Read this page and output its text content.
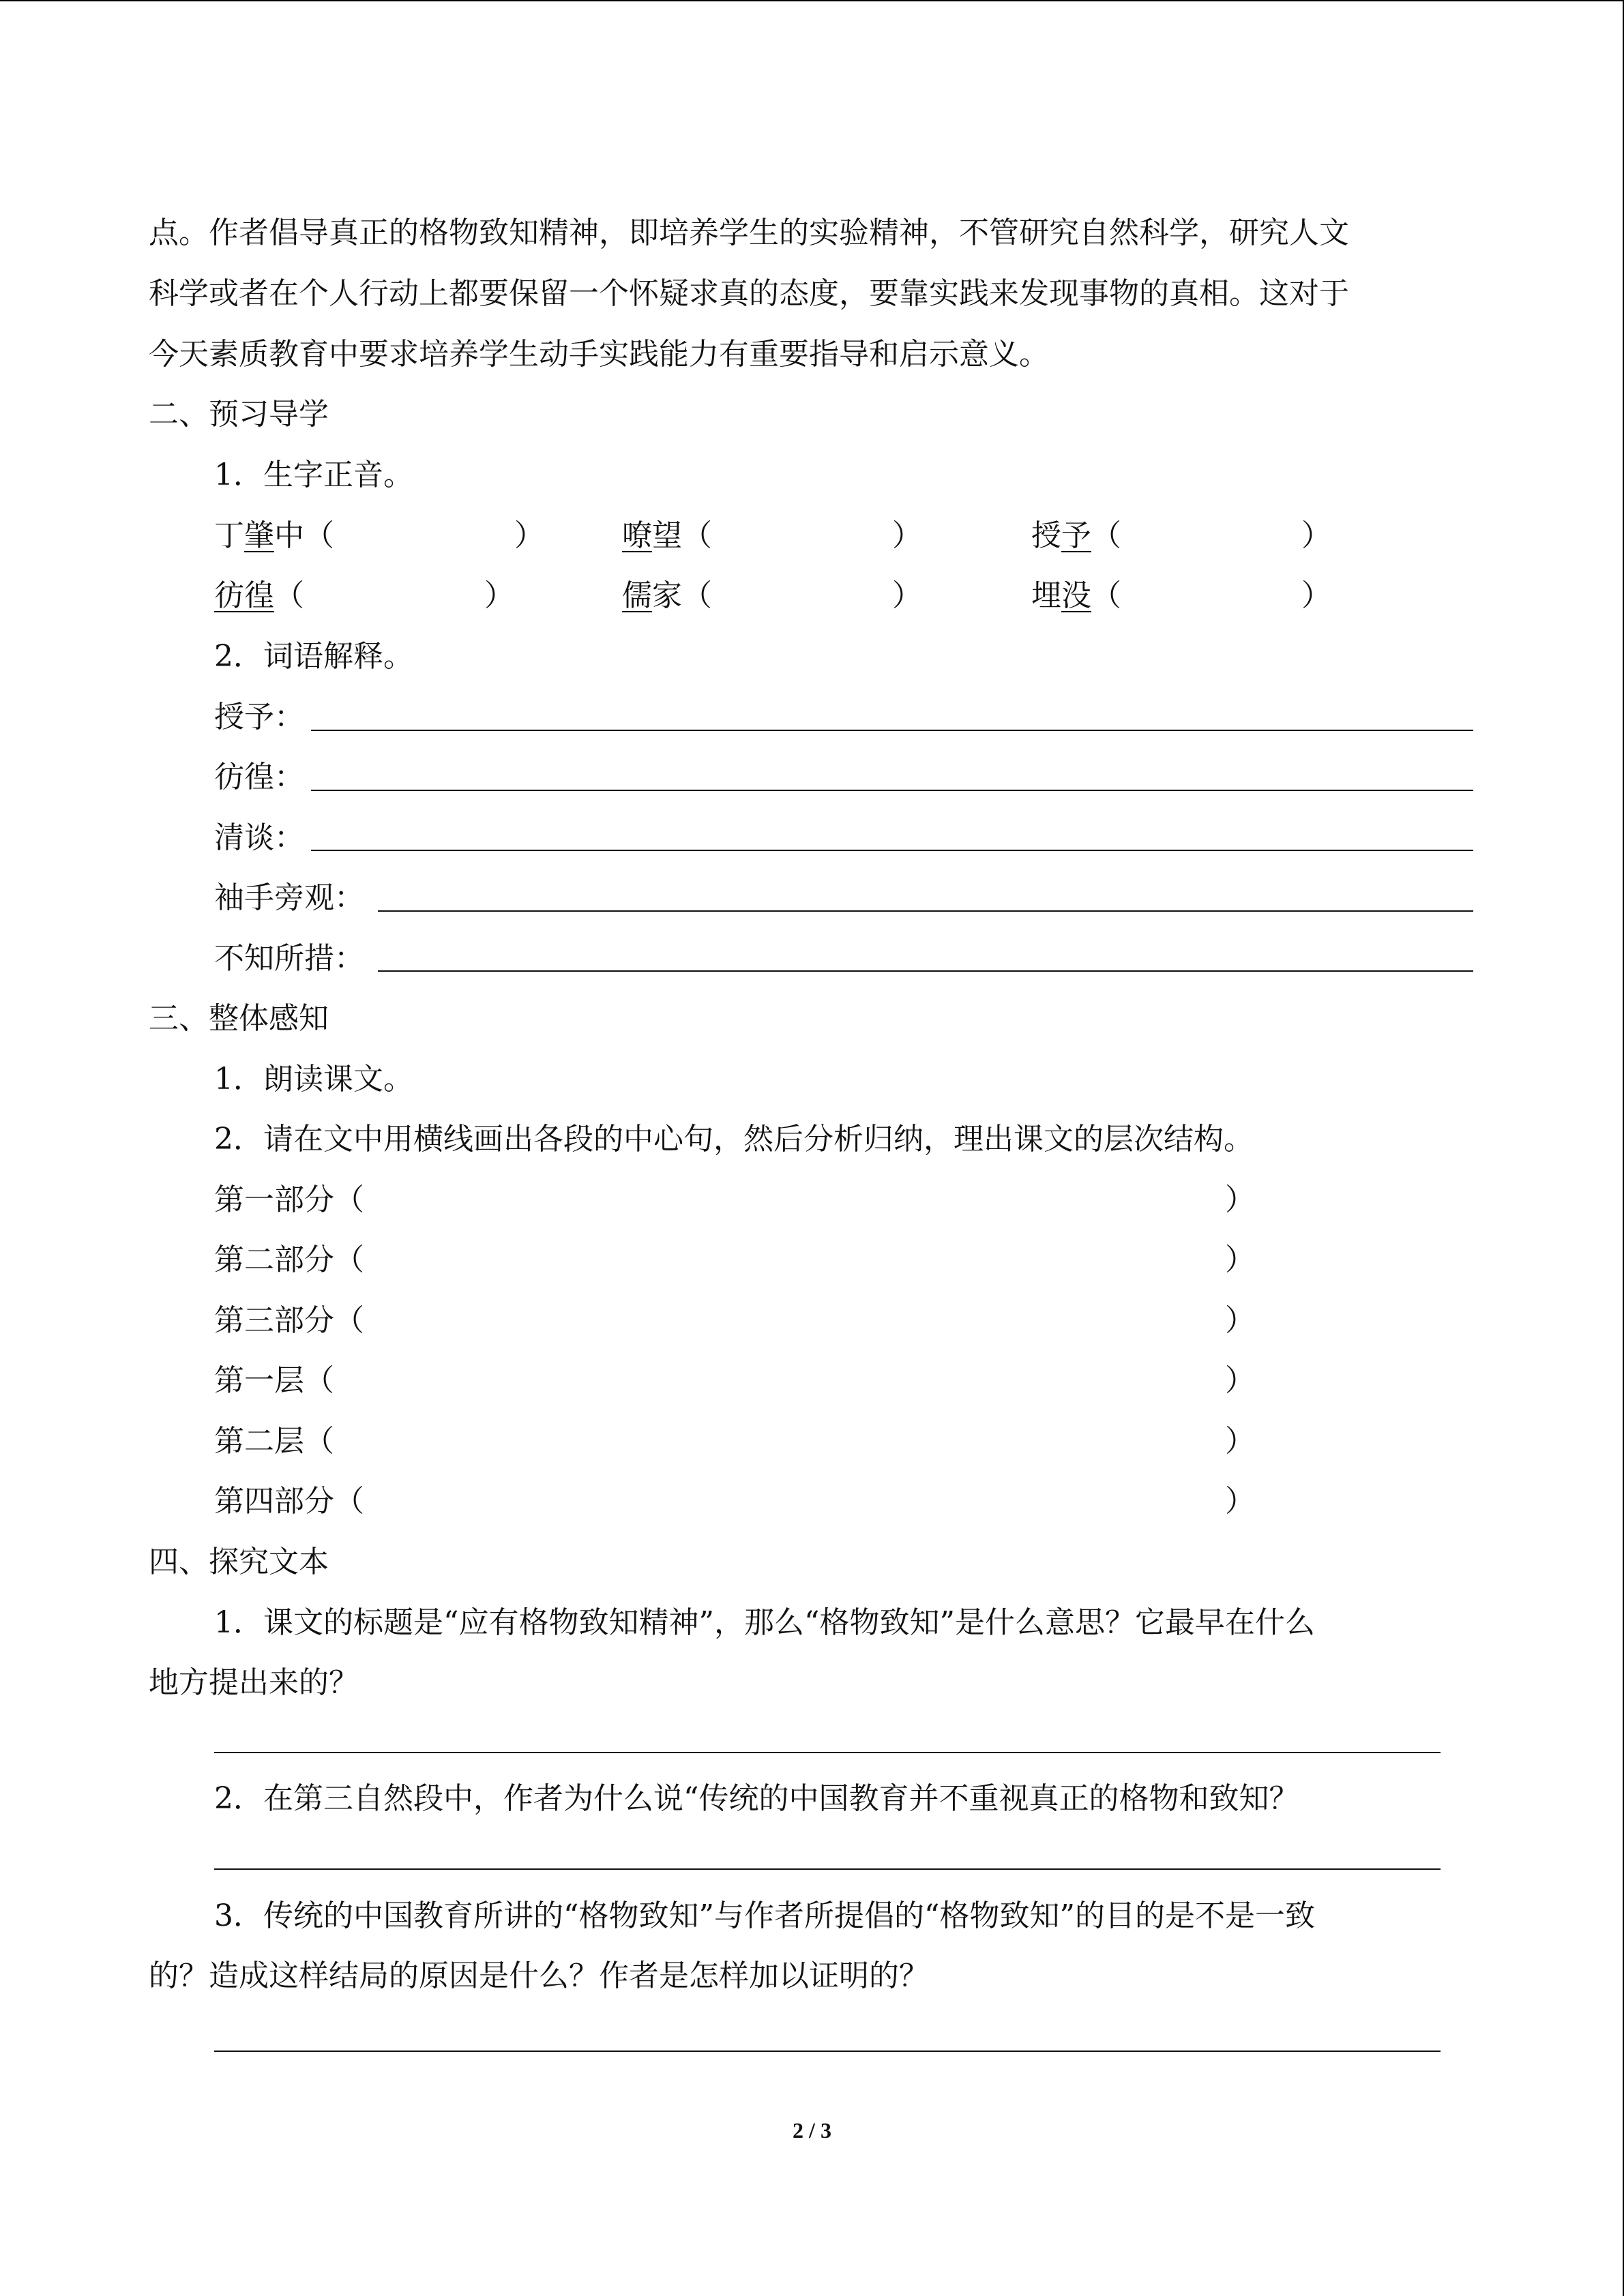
点。作者倡导真正的格物致知精神，即培养学生的实验精神，不管研究自然科学，研究人文
科学或者在个人行动上都要保留一个怀疑求真的态度，要靠实践来发现事物的真相。这对于
今天素质教育中要求培养学生动手实践能力有重要指导和启示意义。
二、预习导学
1．生字正音。
丁肇中（　　　　　　）	嘹望（　　　　　　）	授予（　　　　　　）
彷徨（　　　　　　）	儒家（　　　　　　）	埋没（　　　　　　）
2．词语解释。
授予：
彷徨：
清谈：
袖手旁观：
不知所措：
三、整体感知
1．朗读课文。
2．请在文中用横线画出各段的中心句，然后分析归纳，理出课文的层次结构。
第一部分（	）
第二部分（	）
第三部分（	）
第一层（	）
第二层（	）
第四部分（	）
四、探究文本
1．课文的标题是“应有格物致知精神”，那么“格物致知”是什么意思？它最早在什么
地方提出来的？
2．在第三自然段中，作者为什么说“传统的中国教育并不重视真正的格物和致知？
3．传统的中国教育所讲的“格物致知”与作者所提倡的“格物致知”的目的是不是一致
的？造成这样结局的原因是什么？作者是怎样加以证明的？
2 / 3
